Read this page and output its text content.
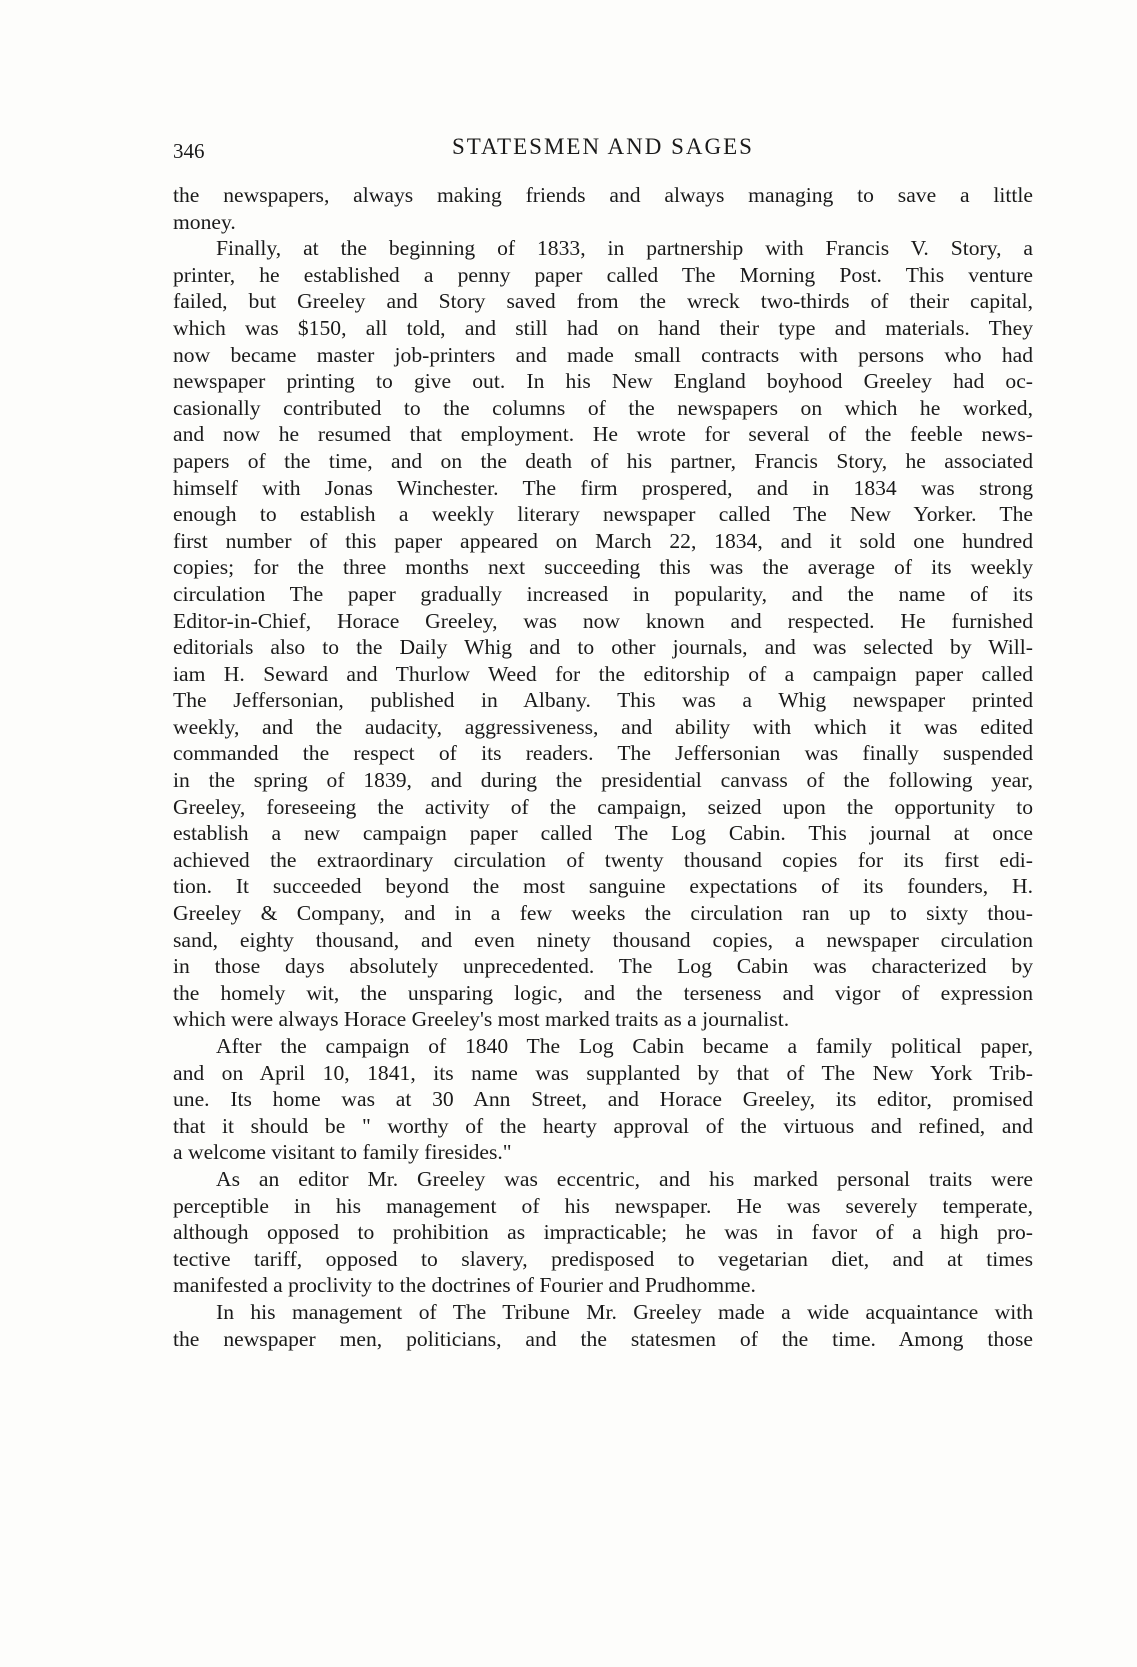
346	STATESMEN AND SAGES
the newspapers, always making friends and always managing to save a little
money.
Finally, at the beginning of 1833, in partnership with Francis V. Story, a
printer, he established a penny paper called The Morning Post. This venture
failed, but Greeley and Story saved from the wreck two-thirds of their capital,
which was $150, all told, and still had on hand their type and materials. They
now became master job-printers and made small contracts with persons who had
newspaper printing to give out. In his New England boyhood Greeley had oc-
casionally contributed to the columns of the newspapers on which he worked,
and now he resumed that employment. He wrote for several of the feeble news-
papers of the time, and on the death of his partner, Francis Story, he associated
himself with Jonas Winchester. The firm prospered, and in 1834 was strong
enough to establish a weekly literary newspaper called The New Yorker. The
first number of this paper appeared on March 22, 1834, and it sold one hundred
copies; for the three months next succeeding this was the average of its weekly
circulation The paper gradually increased in popularity, and the name of its
Editor-in-Chief, Horace Greeley, was now known and respected. He furnished
editorials also to the Daily Whig and to other journals, and was selected by Will-
iam H. Seward and Thurlow Weed for the editorship of a campaign paper called
The Jeffersonian, published in Albany. This was a Whig newspaper printed
weekly, and the audacity, aggressiveness, and ability with which it was edited
commanded the respect of its readers. The Jeffersonian was finally suspended
in the spring of 1839, and during the presidential canvass of the following year,
Greeley, foreseeing the activity of the campaign, seized upon the opportunity to
establish a new campaign paper called The Log Cabin. This journal at once
achieved the extraordinary circulation of twenty thousand copies for its first edi-
tion. It succeeded beyond the most sanguine expectations of its founders, H.
Greeley & Company, and in a few weeks the circulation ran up to sixty thou-
sand, eighty thousand, and even ninety thousand copies, a newspaper circulation
in those days absolutely unprecedented. The Log Cabin was characterized by
the homely wit, the unsparing logic, and the terseness and vigor of expression
which were always Horace Greeley's most marked traits as a journalist.
After the campaign of 1840 The Log Cabin became a family political paper,
and on April 10, 1841, its name was supplanted by that of The New York Trib-
une. Its home was at 30 Ann Street, and Horace Greeley, its editor, promised
that it should be " worthy of the hearty approval of the virtuous and refined, and
a welcome visitant to family firesides."
As an editor Mr. Greeley was eccentric, and his marked personal traits were
perceptible in his management of his newspaper. He was severely temperate,
although opposed to prohibition as impracticable; he was in favor of a high pro-
tective tariff, opposed to slavery, predisposed to vegetarian diet, and at times
manifested a proclivity to the doctrines of Fourier and Prudhomme.
In his management of The Tribune Mr. Greeley made a wide acquaintance with
the newspaper men, politicians, and the statesmen of the time. Among those
